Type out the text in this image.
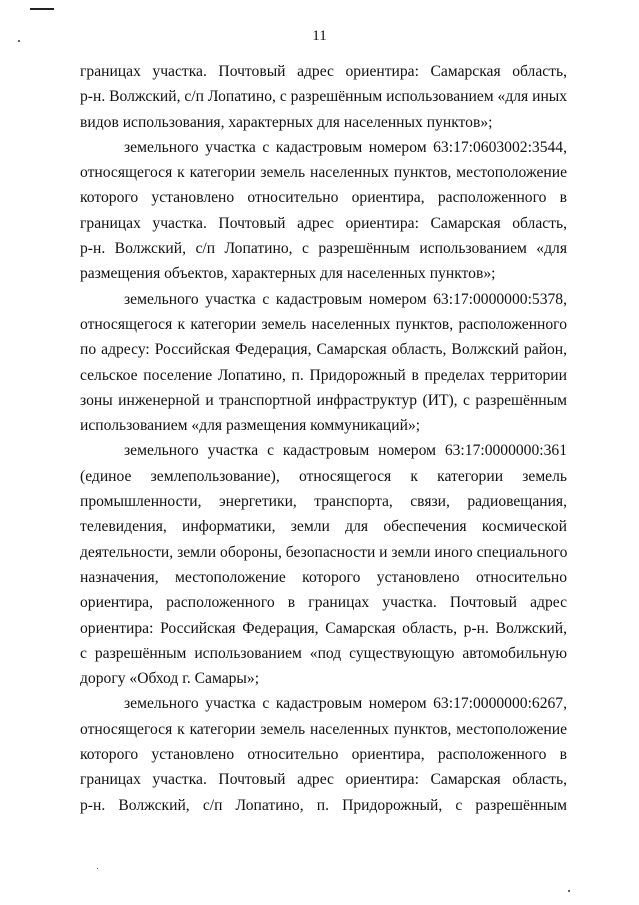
11
границах участка. Почтовый адрес ориентира: Самарская область,
р-н. Волжский, с/п Лопатино, с разрешённым использованием «для иных
видов использования, характерных для населенных пунктов»;
земельного участка с кадастровым номером 63:17:0603002:3544,
относящегося к категории земель населенных пунктов, местоположение
которого установлено относительно ориентира, расположенного в
границах участка. Почтовый адрес ориентира: Самарская область,
р-н. Волжский, с/п Лопатино, с разрешённым использованием «для
размещения объектов, характерных для населенных пунктов»;
земельного участка с кадастровым номером 63:17:0000000:5378,
относящегося к категории земель населенных пунктов, расположенного
по адресу: Российская Федерация, Самарская область, Волжский район,
сельское поселение Лопатино, п. Придорожный в пределах территории
зоны инженерной и транспортной инфраструктур (ИТ), с разрешённым
использованием «для размещения коммуникаций»;
земельного участка с кадастровым номером 63:17:0000000:361
(единое землепользование), относящегося к категории земель
промышленности, энергетики, транспорта, связи, радиовещания,
телевидения, информатики, земли для обеспечения космической
деятельности, земли обороны, безопасности и земли иного специального
назначения, местоположение которого установлено относительно
ориентира, расположенного в границах участка. Почтовый адрес
ориентира: Российская Федерация, Самарская область, р-н. Волжский,
с разрешённым использованием «под существующую автомобильную
дорогу «Обход г. Самары»;
земельного участка с кадастровым номером 63:17:0000000:6267,
относящегося к категории земель населенных пунктов, местоположение
которого установлено относительно ориентира, расположенного в
границах участка. Почтовый адрес ориентира: Самарская область,
р-н. Волжский, с/п Лопатино, п. Придорожный, с разрешённым
